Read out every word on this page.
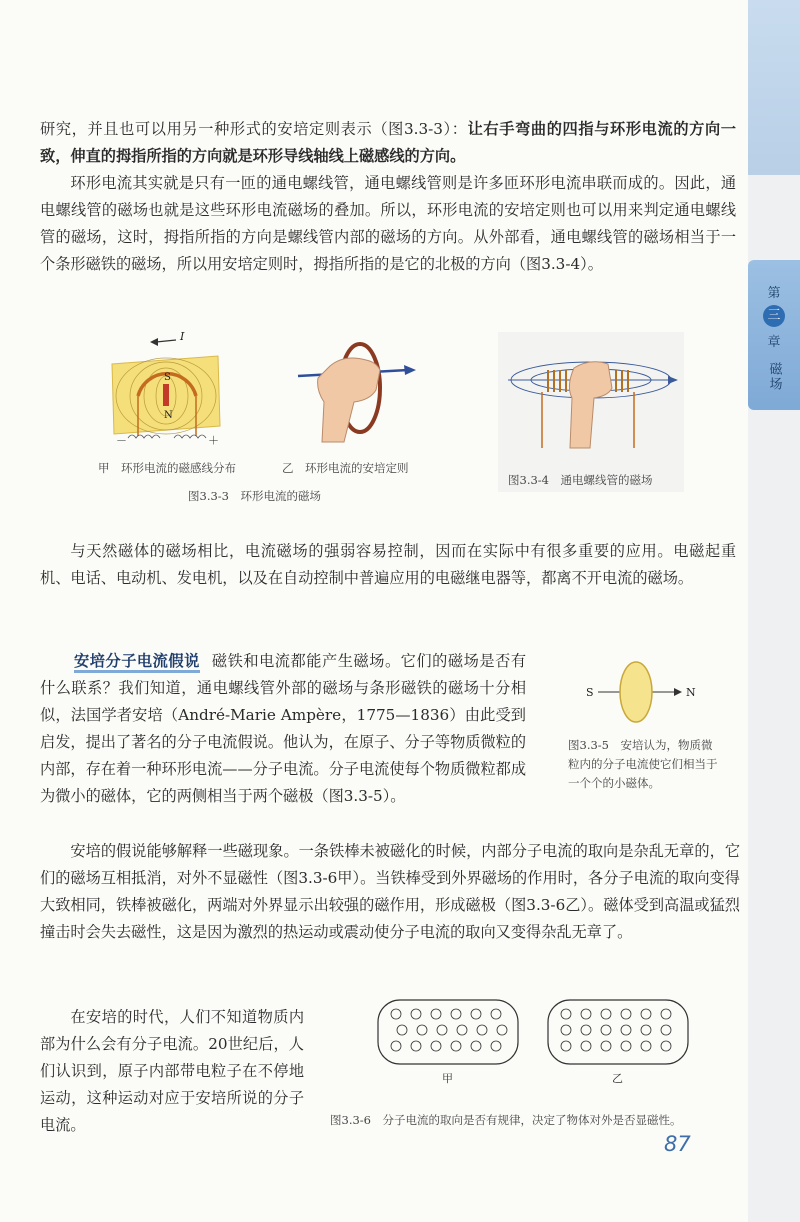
第
三
章
磁场

研究，并且也可以用另一种形式的安培定则表示（图3.3-3）：让右手弯曲的四指与环形电流的方向一致，伸直的拇指所指的方向就是环形导线轴线上磁感线的方向。

环形电流其实就是只有一匝的通电螺线管，通电螺线管则是许多匝环形电流串联而成的。因此，通电螺线管的磁场也就是这些环形电流磁场的叠加。所以，环形电流的安培定则也可以用来判定通电螺线管的磁场，这时，拇指所指的方向是螺线管内部的磁场的方向。从外部看，通电螺线管的磁场相当于一个条形磁铁的磁场，所以用安培定则时，拇指所指的是它的北极的方向（图3.3-4）。

I
S
N
－	＋
甲　环形电流的磁感线分布	乙　环形电流的安培定则
图3.3-3　环形电流的磁场
图3.3-4　通电螺线管的磁场

与天然磁体的磁场相比，电流磁场的强弱容易控制，因而在实际中有很多重要的应用。电磁起重机、电话、电动机、发电机，以及在自动控制中普遍应用的电磁继电器等，都离不开电流的磁场。

安培分子电流假说 磁铁和电流都能产生磁场。它们的磁场是否有什么联系？我们知道，通电螺线管外部的磁场与条形磁铁的磁场十分相似，法国学者安培（André-Marie Ampère，1775—1836）由此受到启发，提出了著名的分子电流假说。他认为，在原子、分子等物质微粒的内部，存在着一种环形电流——分子电流。分子电流使每个物质微粒都成为微小的磁体，它的两侧相当于两个磁极（图3.3-5）。

S	N
图3.3-5　安培认为，物质微粒内的分子电流使它们相当于一个个的小磁体。

安培的假说能够解释一些磁现象。一条铁棒未被磁化的时候，内部分子电流的取向是杂乱无章的，它们的磁场互相抵消，对外不显磁性（图3.3-6甲）。当铁棒受到外界磁场的作用时，各分子电流的取向变得大致相同，铁棒被磁化，两端对外界显示出较强的磁作用，形成磁极（图3.3-6乙）。磁体受到高温或猛烈撞击时会失去磁性，这是因为激烈的热运动或震动使分子电流的取向又变得杂乱无章了。

在安培的时代，人们不知道物质内部为什么会有分子电流。20世纪后，人们认识到，原子内部带电粒子在不停地运动，这种运动对应于安培所说的分子电流。

甲	乙
图3.3-6　分子电流的取向是否有规律，决定了物体对外是否显磁性。
87
